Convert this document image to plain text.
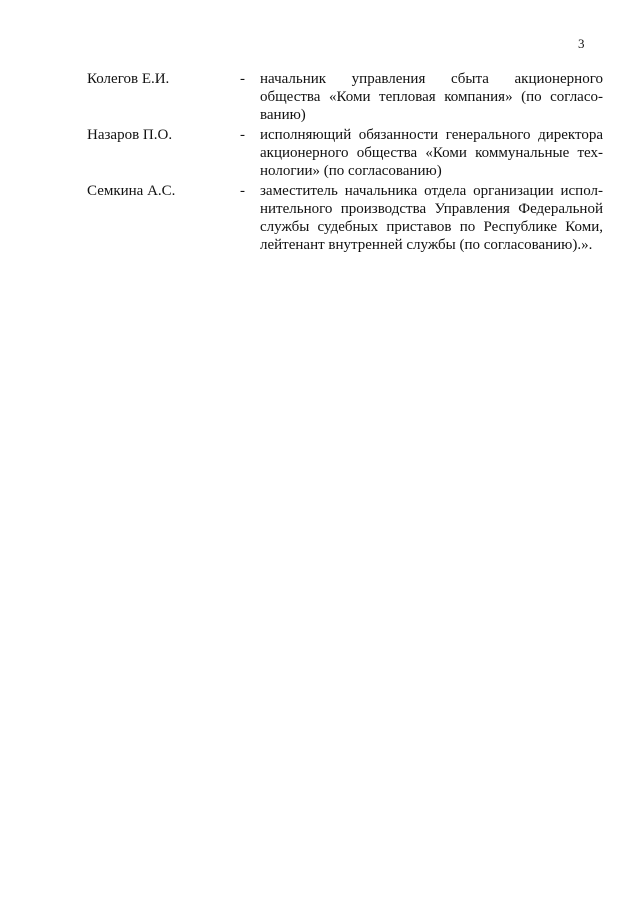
3
Колегов Е.И.	- начальник управления сбыта акционерного
общества «Коми тепловая компания» (по согласо-
ванию)
Назаров П.О.	- исполняющий обязанности генерального директора
акционерного общества «Коми коммунальные тех-
нологии» (по согласованию)
Семкина А.С.	- заместитель начальника отдела организации испол-
нительного производства Управления Федеральной
службы судебных приставов по Республике Коми,
лейтенант внутренней службы (по согласованию).».
